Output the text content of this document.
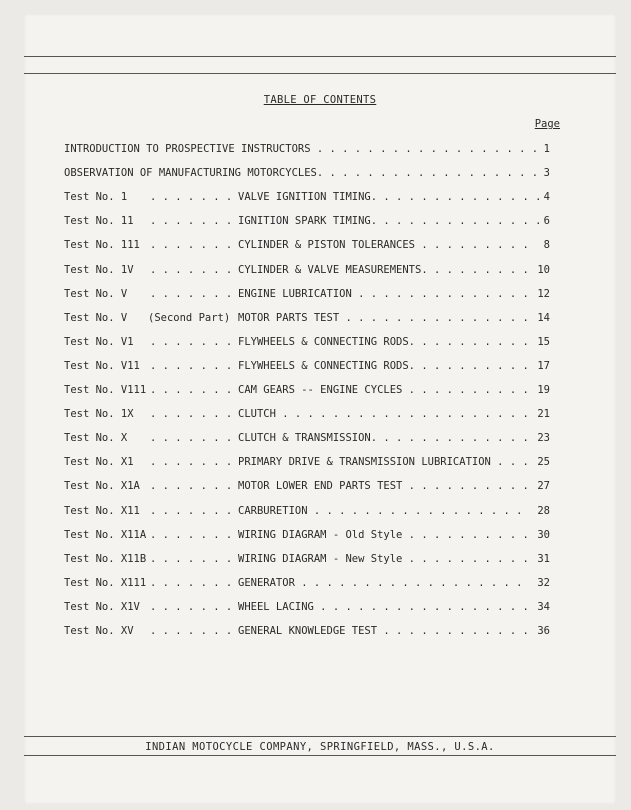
TABLE OF CONTENTS
Page
INTRODUCTION TO PROSPECTIVE INSTRUCTORS . . . . . . . . . . . . . . . . . . 1
OBSERVATION OF MANUFACTURING MOTORCYCLES. . . . . . . . . . . . . . . . . . 3
Test No. 1 . . . . . . . VALVE IGNITION TIMING. . . . . . . . . . . . . . 4
Test No. 11 . . . . . . . IGNITION SPARK TIMING. . . . . . . . . . . . . . 6
Test No. 111 . . . . . . . CYLINDER & PISTON TOLERANCES . . . . . . . . .	8
Test No. 1V . . . . . . . CYLINDER & VALVE MEASUREMENTS. . . . . . . . . 10
Test No. V . . . . . . . ENGINE LUBRICATION . . . . . . . . . . . . . . 12
Test No. V (Second Part) MOTOR PARTS TEST . . . . . . . . . . . . . . . 14
Test No. V1 . . . . . . . FLYWHEELS & CONNECTING RODS. . . . . . . . . . 15
Test No. V11 . . . . . . . FLYWHEELS & CONNECTING RODS. . . . . . . . . . 17
Test No. V111 . . . . . . . CAM GEARS -- ENGINE CYCLES . . . . . . . . . . 19
Test No. 1X . . . . . . . CLUTCH . . . . . . . . . . . . . . . . . . . . 21
Test No. X . . . . . . . CLUTCH & TRANSMISSION. . . . . . . . . . . . . 23
Test No. X1 . . . . . . . PRIMARY DRIVE & TRANSMISSION LUBRICATION . . . 25
Test No. X1A . . . . . . . MOTOR LOWER END PARTS TEST . . . . . . . . . . 27
Test No. X11 . . . . . . . CARBURETION . . . . . . . . . . . . . . . . .	28
Test No. X11A . . . . . . . WIRING DIAGRAM - Old Style . . . . . . . . . . 30
Test No. X11B . . . . . . . WIRING DIAGRAM - New Style . . . . . . . . . . 31
Test No. X111 . . . . . . . GENERATOR . . . . . . . . . . . . . . . . . .	32
Test No. X1V . . . . . . . WHEEL LACING . . . . . . . . . . . . . . . . . 34
Test No. XV . . . . . . . GENERAL KNOWLEDGE TEST . . . . . . . . . . . . 36
INDIAN MOTOCYCLE COMPANY, SPRINGFIELD, MASS., U.S.A.
